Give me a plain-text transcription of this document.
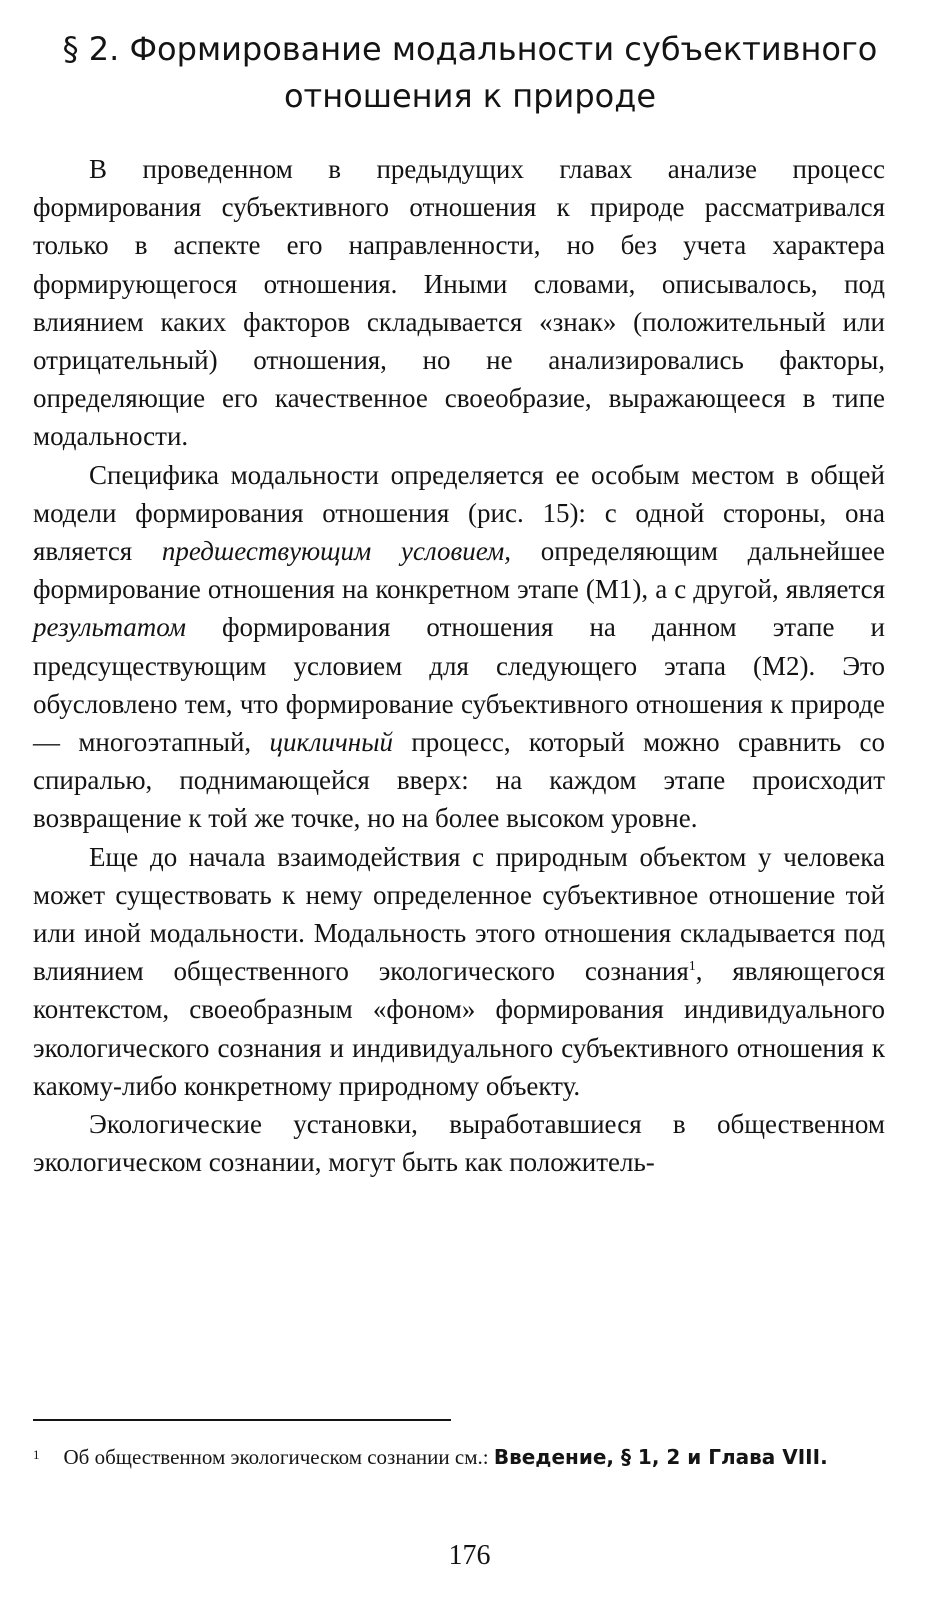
§ 2. Формирование модальности субъективного
отношения к природе

В проведенном в предыдущих главах анализе процесс формирования субъективного отношения к природе рассматривался только в аспекте его направленности, но без учета характера формирующегося отношения. Иными словами, описывалось, под влиянием каких факторов складывается «знак» (положительный или отрицательный) отношения, но не анализировались факторы, определяющие его качественное своеобразие, выражающееся в типе модальности.

Специфика модальности определяется ее особым местом в общей модели формирования отношения (рис. 15): с одной стороны, она является предшествующим условием, определяющим дальнейшее формирование отношения на конкретном этапе (М1), а с другой, является результатом формирования отношения на данном этапе и предсуществующим условием для следующего этапа (М2). Это обусловлено тем, что формирование субъективного отношения к природе — многоэтапный, цикличный процесс, который можно сравнить со спиралью, поднимающейся вверх: на каждом этапе происходит возвращение к той же точке, но на более высоком уровне.

Еще до начала взаимодействия с природным объектом у человека может существовать к нему определенное субъективное отношение той или иной модальности. Модальность этого отношения складывается под влиянием общественного экологического сознания$^1$, являющегося контекстом, своеобразным «фоном» формирования индивидуального экологического сознания и индивидуального субъективного отношения к какому-либо конкретному природному объекту.

Экологические установки, выработавшиеся в общественном экологическом сознании, могут быть как положитель-

$^1$ Об общественном экологическом сознании см.: Введение, § 1, 2 и Глава VIII.
176
